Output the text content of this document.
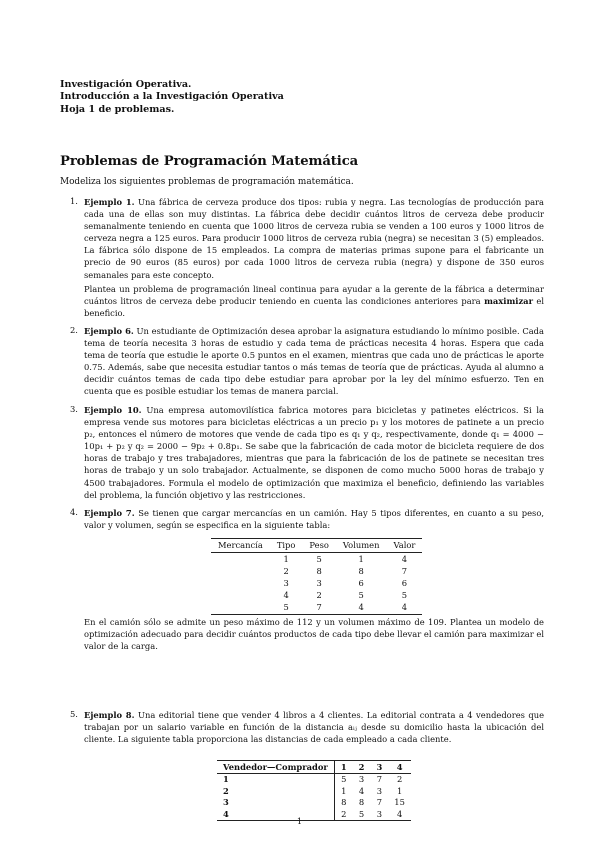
Investigación Operativa.
Introducción a la Investigación Operativa
Hoja 1 de problemas.
Problemas de Programación Matemática
Modeliza los siguientes problemas de programación matemática.
1. Ejemplo 1. Una fábrica de cerveza produce dos tipos: rubia y negra. Las tecnologías de producción para cada una de ellas son muy distintas. La fábrica debe decidir cuántos litros de cerveza debe producir semanalmente teniendo en cuenta que 1000 litros de cerveza rubia se venden a 100 euros y 1000 litros de cerveza negra a 125 euros. Para producir 1000 litros de cerveza rubia (negra) se necesitan 3 (5) empleados. La fábrica sólo dispone de 15 empleados. La compra de materias primas supone para el fabricante un precio de 90 euros (85 euros) por cada 1000 litros de cerveza rubia (negra) y dispone de 350 euros semanales para este concepto.
Plantea un problema de programación lineal continua para ayudar a la gerente de la fábrica a determinar cuántos litros de cerveza debe producir teniendo en cuenta las condiciones anteriores para maximizar el beneficio.
2. Ejemplo 6. Un estudiante de Optimización desea aprobar la asignatura estudiando lo mínimo posible. Cada tema de teoría necesita 3 horas de estudio y cada tema de prácticas necesita 4 horas. Espera que cada tema de teoría que estudie le aporte 0.5 puntos en el examen, mientras que cada uno de prácticas le aporte 0.75. Además, sabe que necesita estudiar tantos o más temas de teoría que de prácticas. Ayuda al alumno a decidir cuántos temas de cada tipo debe estudiar para aprobar por la ley del mínimo esfuerzo. Ten en cuenta que es posible estudiar los temas de manera parcial.
3. Ejemplo 10. Una empresa automovilística fabrica motores para bicicletas y patinetes eléctricos. Si la empresa vende sus motores para bicicletas eléctricas a un precio p₁ y los motores de patinete a un precio p₂, entonces el número de motores que vende de cada tipo es q₁ y q₂, respectivamente, donde q₁ = 4000 − 10p₁ + p₂ y q₂ = 2000 − 9p₂ + 0.8p₁. Se sabe que la fabricación de cada motor de bicicleta requiere de dos horas de trabajo y tres trabajadores, mientras que para la fabricación de los de patinete se necesitan tres horas de trabajo y un solo trabajador. Actualmente, se disponen de como mucho 5000 horas de trabajo y 4500 trabajadores. Formula el modelo de optimización que maximiza el beneficio, definiendo las variables del problema, la función objetivo y las restricciones.
4. Ejemplo 7. Se tienen que cargar mercancías en un camión. Hay 5 tipos diferentes, en cuanto a su peso, valor y volumen, según se especifica en la siguiente tabla:
Mercancía	Tipo	Peso	Volumen	Valor
	1	5	1	4
	2	8	8	7
	3	3	6	6
	4	2	5	5
	5	7	4	4
En el camión sólo se admite un peso máximo de 112 y un volumen máximo de 109. Plantea un modelo de optimización adecuado para decidir cuántos productos de cada tipo debe llevar el camión para maximizar el valor de la carga.
5. Ejemplo 8. Una editorial tiene que vender 4 libros a 4 clientes. La editorial contrata a 4 vendedores que trabajan por un salario variable en función de la distancia aᵢⱼ desde su domicilio hasta la ubicación del cliente. La siguiente tabla proporciona las distancias de cada empleado a cada cliente.
Vendedor—Comprador	1	2	3	4
1	5	3	7	2
2	1	4	3	1
3	8	8	7	15
4	2	5	3	4
1
